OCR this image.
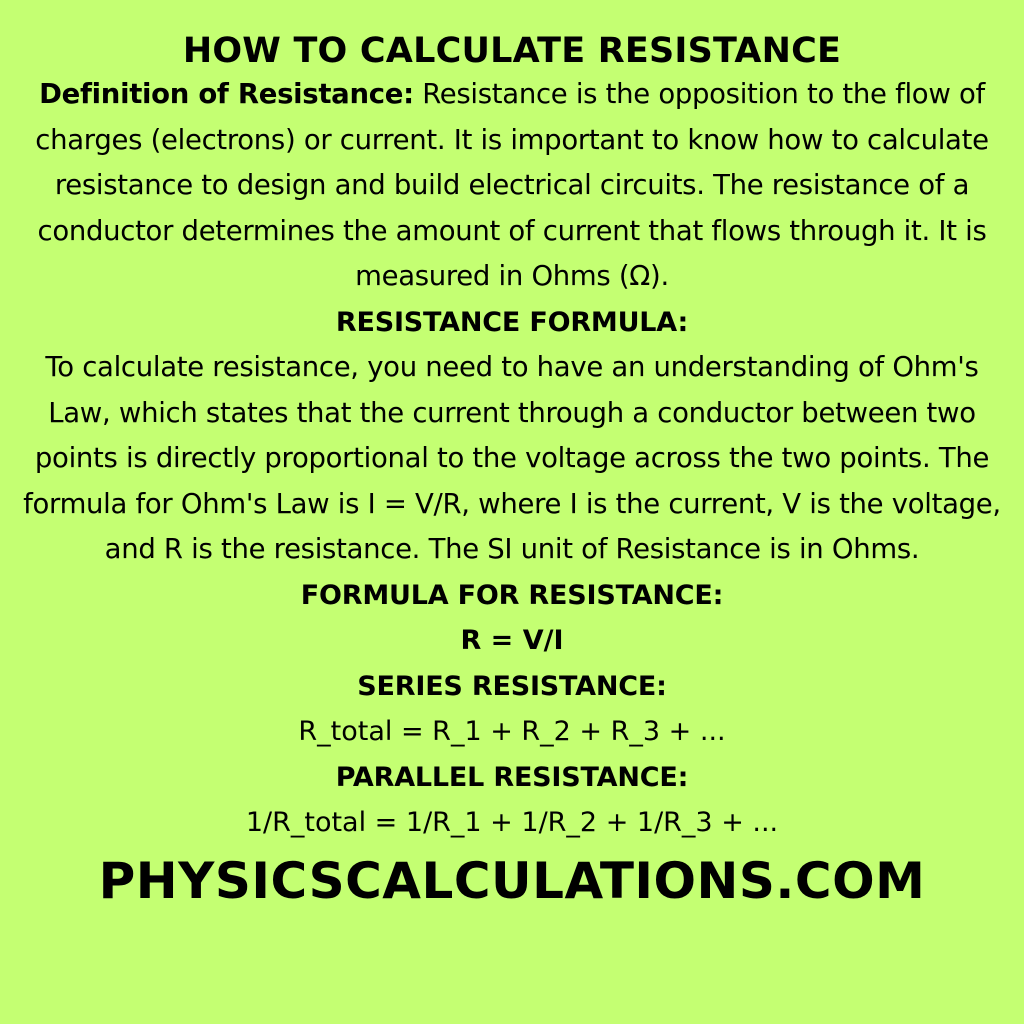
HOW TO CALCULATE RESISTANCE

Definition of Resistance: Resistance is the opposition to the flow of charges (electrons) or current. It is important to know how to calculate resistance to design and build electrical circuits. The resistance of a conductor determines the amount of current that flows through it. It is measured in Ohms (Ω).

RESISTANCE FORMULA:

To calculate resistance, you need to have an understanding of Ohm's Law, which states that the current through a conductor between two points is directly proportional to the voltage across the two points. The formula for Ohm's Law is I = V/R, where I is the current, V is the voltage, and R is the resistance. The SI unit of Resistance is in Ohms.

FORMULA FOR RESISTANCE:

R = V/I

SERIES RESISTANCE:

R_total = R_1 + R_2 + R_3 + ...

PARALLEL RESISTANCE:

1/R_total = 1/R_1 + 1/R_2 + 1/R_3 + ...

PHYSICSCALCULATIONS.COM
